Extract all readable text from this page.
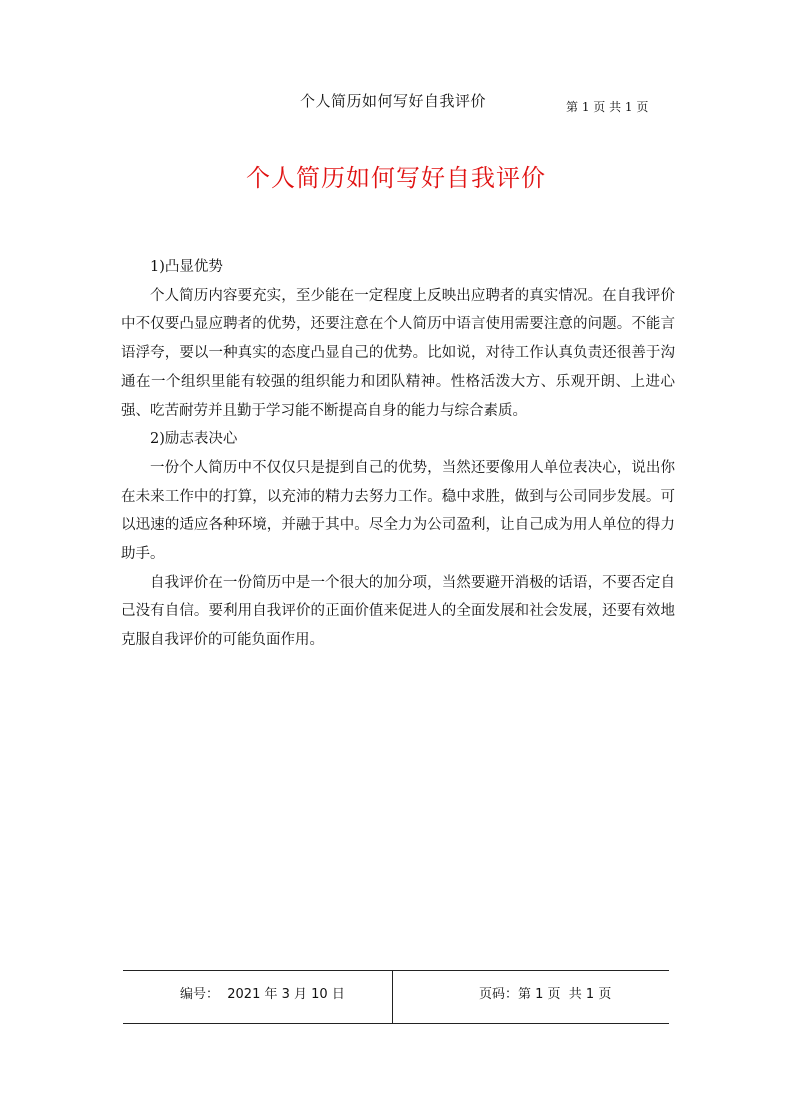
个人简历如何写好自我评价	第 1 页 共 1 页
个人简历如何写好自我评价

1)凸显优势

个人简历内容要充实，至少能在一定程度上反映出应聘者的真实情况。在自我评价中不仅要凸显应聘者的优势，还要注意在个人简历中语言使用需要注意的问题。不能言语浮夸，要以一种真实的态度凸显自己的优势。比如说，对待工作认真负责还很善于沟通在一个组织里能有较强的组织能力和团队精神。性格活泼大方、乐观开朗、上进心强、吃苦耐劳并且勤于学习能不断提高自身的能力与综合素质。

2)励志表决心

一份个人简历中不仅仅只是提到自己的优势，当然还要像用人单位表决心，说出你在未来工作中的打算，以充沛的精力去努力工作。稳中求胜，做到与公司同步发展。可以迅速的适应各种环境，并融于其中。尽全力为公司盈利，让自己成为用人单位的得力助手。

自我评价在一份简历中是一个很大的加分项，当然要避开消极的话语，不要否定自己没有自信。要利用自我评价的正面价值来促进人的全面发展和社会发展，还要有效地克服自我评价的可能负面作用。

编号：  2021 年 3 月 10 日	页码：第 1 页  共 1 页
